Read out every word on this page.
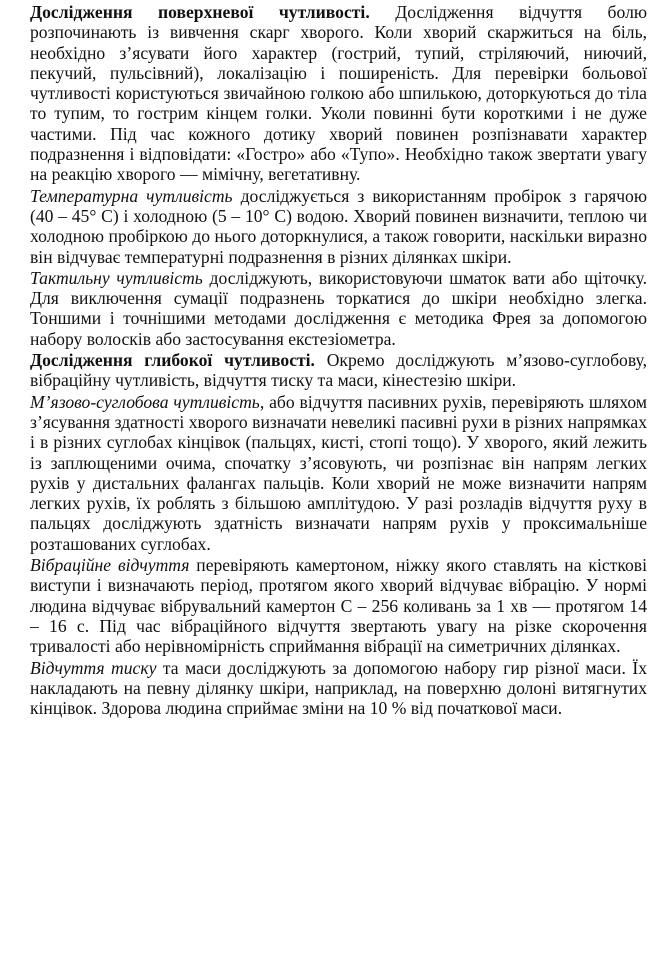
Дослідження поверхневої чутливості. Дослідження відчуття болю розпочинають із вивчення скарг хворого. Коли хворий скаржиться на біль, необхідно з’ясувати його характер (гострий, тупий, стріляючий, ниючий, пекучий, пульсівний), локалізацію і поширеність. Для перевірки больової чутливості користуються звичайною голкою або шпилькою, доторкуються до тіла то тупим, то гострим кінцем голки. Уколи повинні бути короткими і не дуже частими. Під час кожного дотику хворий повинен розпізнавати характер подразнення і відповідати: «Гостро» або «Тупо». Необхідно також звертати увагу на реакцію хворого — мімічну, вегетативну.

Температурна чутливість досліджується з використанням пробірок з гарячою (40 – 45° С) і холодною (5 – 10° С) водою. Хворий повинен визначити, теплою чи холодною пробіркою до нього доторкнулися, а також говорити, наскільки виразно він відчуває температурні подразнення в різних ділянках шкіри.

Тактильну чутливість досліджують, використовуючи шматок вати або щіточку. Для виключення сумації подразнень торкатися до шкіри необхідно злегка. Тоншими і точнішими методами дослідження є методика Фрея за допомогою набору волосків або застосування екстезіометра.

Дослідження глибокої чутливості. Окремо досліджують м’язово-суглобову, вібраційну чутливість, відчуття тиску та маси, кінестезію шкіри.

М’язово-суглобова чутливість, або відчуття пасивних рухів, перевіряють шляхом з’ясування здатності хворого визначати невеликі пасивні рухи в різних напрямках і в різних суглобах кінцівок (пальцях, кисті, стопі тощо). У хворого, який лежить із заплющеними очима, спочатку з’ясовують, чи розпізнає він напрям легких рухів у дистальних фалангах пальців. Коли хворий не може визначити напрям легких рухів, їх роблять з більшою амплітудою. У разі розладів відчуття руху в пальцях досліджують здатність визначати напрям рухів у проксимальніше розташованих суглобах.

Вібраційне відчуття перевіряють камертоном, ніжку якого ставлять на кісткові виступи і визначають період, протягом якого хворий відчуває вібрацію. У нормі людина відчуває вібрувальний камертон С – 256 коливань за 1 хв — протягом 14 – 16 с. Під час вібраційного відчуття звертають увагу на різке скорочення тривалості або нерівномірність сприймання вібрації на симетричних ділянках.

Відчуття тиску та маси досліджують за допомогою набору гир різної маси. Їх накладають на певну ділянку шкіри, наприклад, на поверхню долоні витягнутих кінцівок. Здорова людина сприймає зміни на 10 % від початкової маси.
